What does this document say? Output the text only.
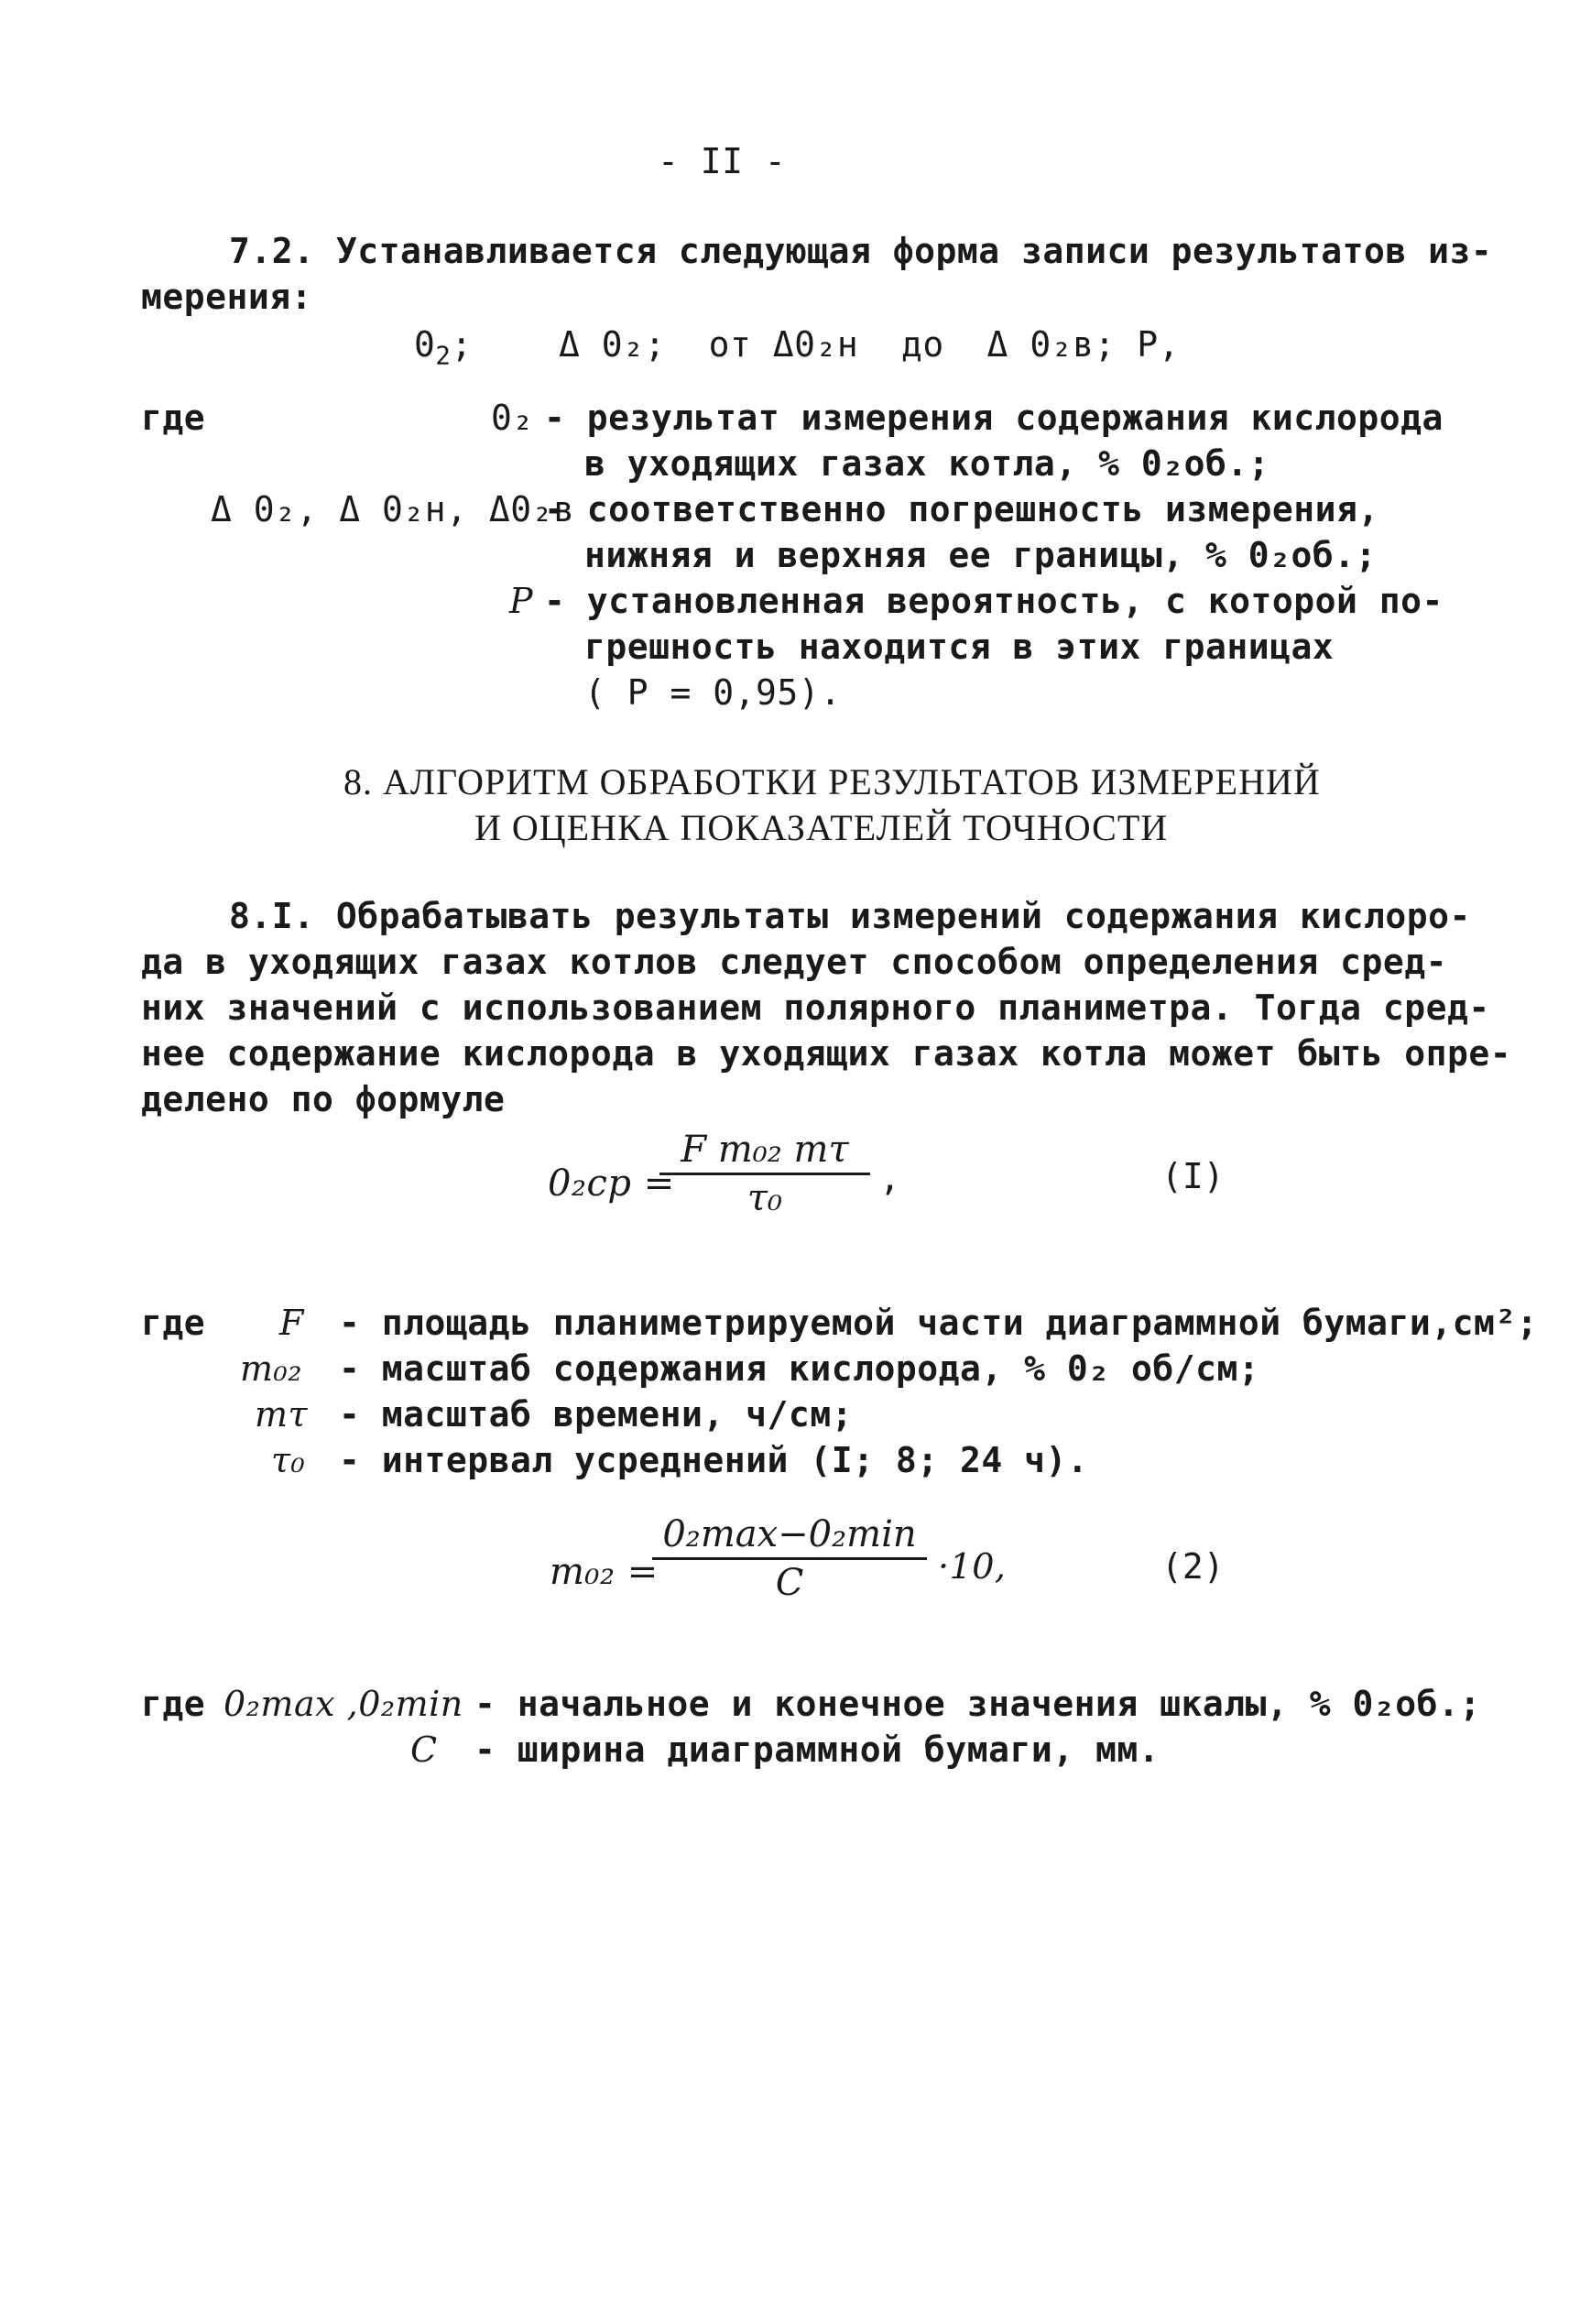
- II -
7.2. Устанавливается следующая форма записи результатов из-
мерения:
$0_2$; Δ 0₂;  от Δ0₂н  до  Δ 0₂в; P,
где	0₂ - результат измерения содержания кислорода
в уходящих газах котла, % 0₂об.;
Δ 0₂, Δ 0₂н, Δ0₂в
- соответственно погрешность измерения,
нижняя и верхняя ее границы, % 0₂об.;
P - установленная вероятность, с которой по-
грешность находится в этих границах
( P = 0,95).
8. АЛГОРИТМ ОБРАБОТКИ РЕЗУЛЬТАТОВ ИЗМЕРЕНИЙ
И ОЦЕНКА ПОКАЗАТЕЛЕЙ ТОЧНОСТИ
8.I. Обрабатывать результаты измерений содержания кислоро-
да в уходящих газах котлов следует способом определения сред-
них значений с использованием полярного планиметра. Тогда сред-
нее содержание кислорода в уходящих газах котла может быть опре-
делено по формуле
0₂cp =
F m₀₂ mτ
τ₀	,	(I)
где F - площадь планиметрируемой части диаграммной бумаги,см²;
m₀₂ - масштаб содержания кислорода, % 0₂ об/см;
mτ - масштаб времени, ч/см;
τ₀ - интервал усреднений (I; 8; 24 ч).
m₀₂ =
0₂max−0₂min
C	·10,	(2)
где 0₂max ,0₂min - начальное и конечное значения шкалы, % 0₂об.;
C - ширина диаграммной бумаги, мм.
